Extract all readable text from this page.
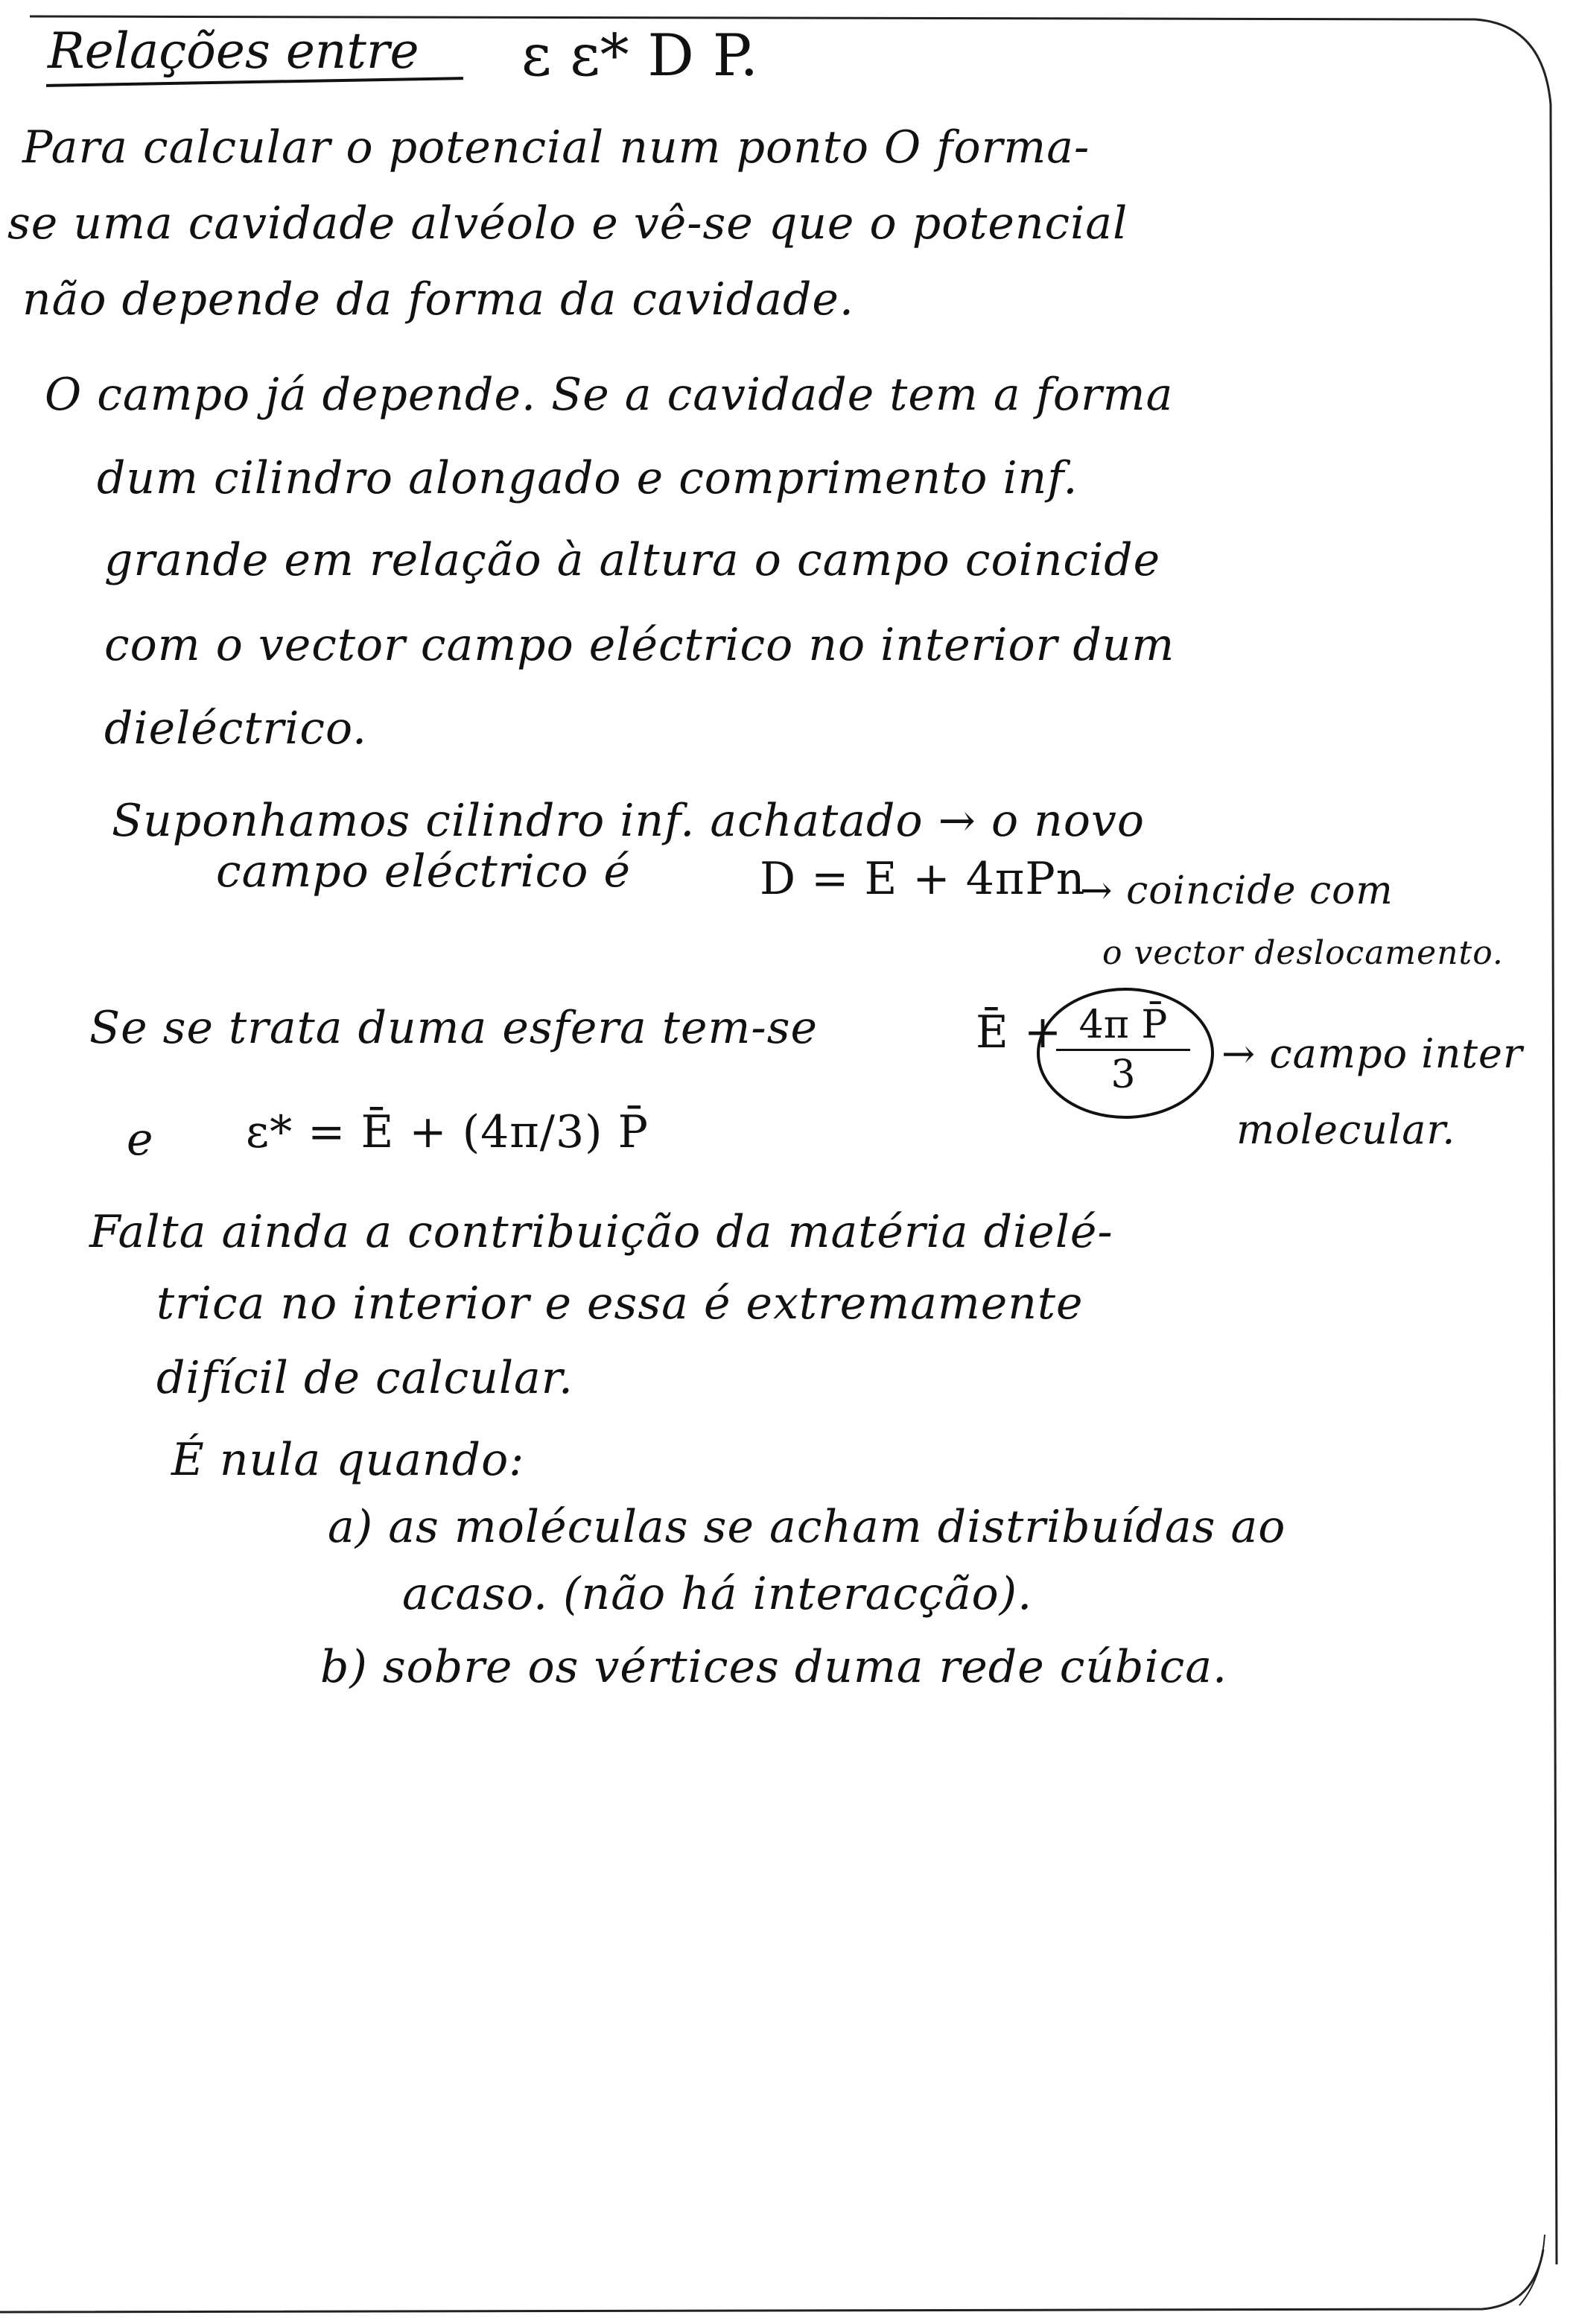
Relações entre ε ε* D P.
Para calcular o potencial num ponto O forma-
se uma cavidade alvéolo e vê-se que o potencial
não depende da forma da cavidade.
O campo já depende. Se a cavidade tem a forma
dum cilindro alongado e comprimento inf.
grande em relação à altura o campo coincide
com o vector campo eléctrico no interior dum
dieléctrico.
Suponhamos cilindro inf. achatado → o novo
campo eléctrico é	D = E + 4πPn
→ coincide com
o vector deslocamento.
Se se trata duma esfera tem-se	Ē + 4π P̄
3	→ campo inter
molecular.
e ε* = Ē + (4π/3) P̄
Falta ainda a contribuição da matéria dielé-
trica no interior e essa é extremamente
difícil de calcular.
É nula quando:
a) as moléculas se acham distribuídas ao
acaso. (não há interacção).
b) sobre os vértices duma rede cúbica.
